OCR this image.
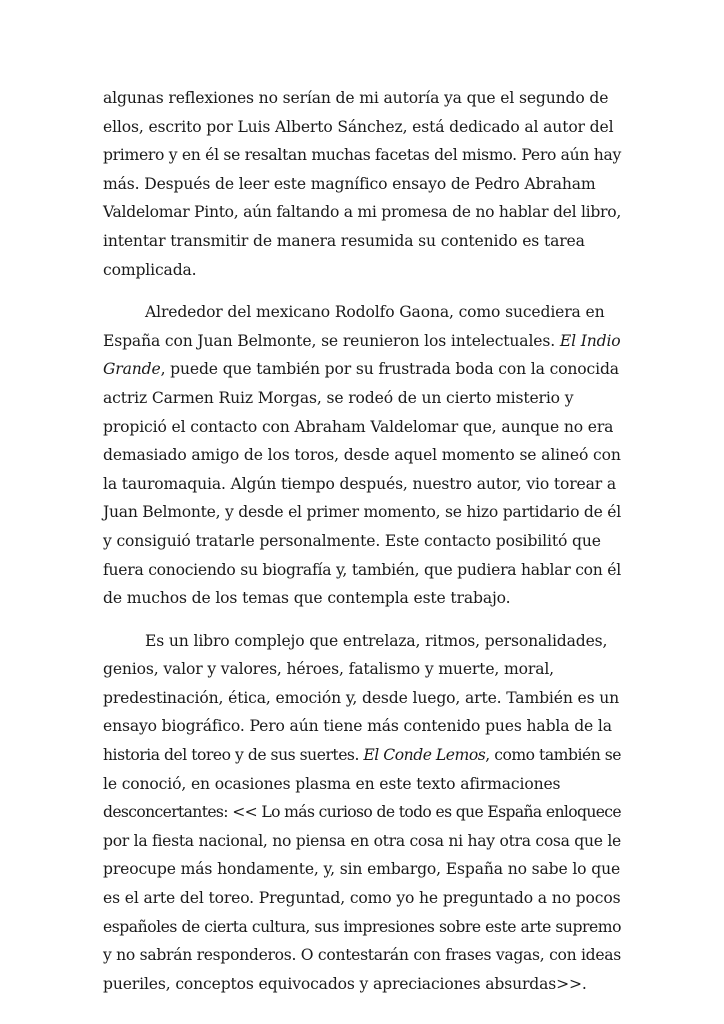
algunas reflexiones no serían de mi autoría ya que el segundo de
ellos, escrito por Luis Alberto Sánchez, está dedicado al autor del
primero y en él se resaltan muchas facetas del mismo. Pero aún hay
más. Después de leer este magnífico ensayo de Pedro Abraham
Valdelomar Pinto, aún faltando a mi promesa de no hablar del libro,
intentar transmitir de manera resumida su contenido es tarea
complicada.
Alrededor del mexicano Rodolfo Gaona, como sucediera en
España con Juan Belmonte, se reunieron los intelectuales. El Indio
Grande, puede que también por su frustrada boda con la conocida
actriz Carmen Ruiz Morgas, se rodeó de un cierto misterio y
propició el contacto con Abraham Valdelomar que, aunque no era
demasiado amigo de los toros, desde aquel momento se alineó con
la tauromaquia. Algún tiempo después, nuestro autor, vio torear a
Juan Belmonte, y desde el primer momento, se hizo partidario de él
y consiguió tratarle personalmente. Este contacto posibilitó que
fuera conociendo su biografía y, también, que pudiera hablar con él
de muchos de los temas que contempla este trabajo.
Es un libro complejo que entrelaza, ritmos, personalidades,
genios, valor y valores, héroes, fatalismo y muerte, moral,
predestinación, ética, emoción y, desde luego, arte. También es un
ensayo biográfico. Pero aún tiene más contenido pues habla de la
historia del toreo y de sus suertes. El Conde Lemos, como también se
le conoció, en ocasiones plasma en este texto afirmaciones
desconcertantes: << Lo más curioso de todo es que España enloquece
por la fiesta nacional, no piensa en otra cosa ni hay otra cosa que le
preocupe más hondamente, y, sin embargo, España no sabe lo que
es el arte del toreo. Preguntad, como yo he preguntado a no pocos
españoles de cierta cultura, sus impresiones sobre este arte supremo
y no sabrán responderos. O contestarán con frases vagas, con ideas
pueriles, conceptos equivocados y apreciaciones absurdas>>.
